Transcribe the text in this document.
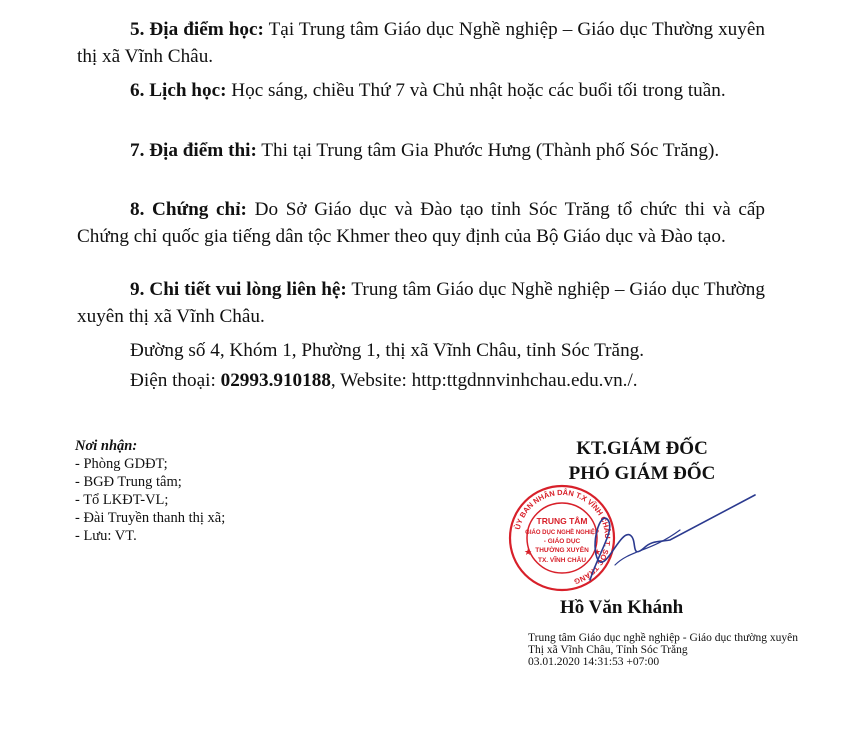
5. Địa điểm học: Tại Trung tâm Giáo dục Nghề nghiệp – Giáo dục Thường xuyên thị xã Vĩnh Châu.

6. Lịch học: Học sáng, chiều Thứ 7 và Chủ nhật hoặc các buổi tối trong tuần.

7. Địa điểm thi: Thi tại Trung tâm Gia Phước Hưng (Thành phố Sóc Trăng).

8. Chứng chỉ: Do Sở Giáo dục và Đào tạo tỉnh Sóc Trăng tổ chức thi và cấp Chứng chỉ quốc gia tiếng dân tộc Khmer theo quy định của Bộ Giáo dục và Đào tạo.

9. Chi tiết vui lòng liên hệ: Trung tâm Giáo dục Nghề nghiệp – Giáo dục Thường xuyên thị xã Vĩnh Châu.

Đường số 4, Khóm 1, Phường 1, thị xã Vĩnh Châu, tỉnh Sóc Trăng.

Điện thoại: 02993.910188, Website: http:ttgdnnvinhchau.edu.vn./.

Nơi nhận:
- Phòng GDĐT;
- BGĐ Trung tâm;
- Tổ LKĐT-VL;
- Đài Truyền thanh thị xã;
- Lưu: VT.
KT.GIÁM ĐỐC
PHÓ GIÁM ĐỐC
ỦY BAN NHÂN DÂN T.X VĨNH CHÂU T. SÓC TRĂNG
TRUNG TÂM
GIÁO DỤC NGHỀ NGHIỆP
- GIÁO DỤC
THƯỜNG XUYÊN
TX. VĨNH CHÂU
★	★
Hồ Văn Khánh
Trung tâm Giáo dục nghề nghiệp - Giáo dục thường xuyên
Thị xã Vĩnh Châu, Tỉnh Sóc Trăng
03.01.2020 14:31:53 +07:00
